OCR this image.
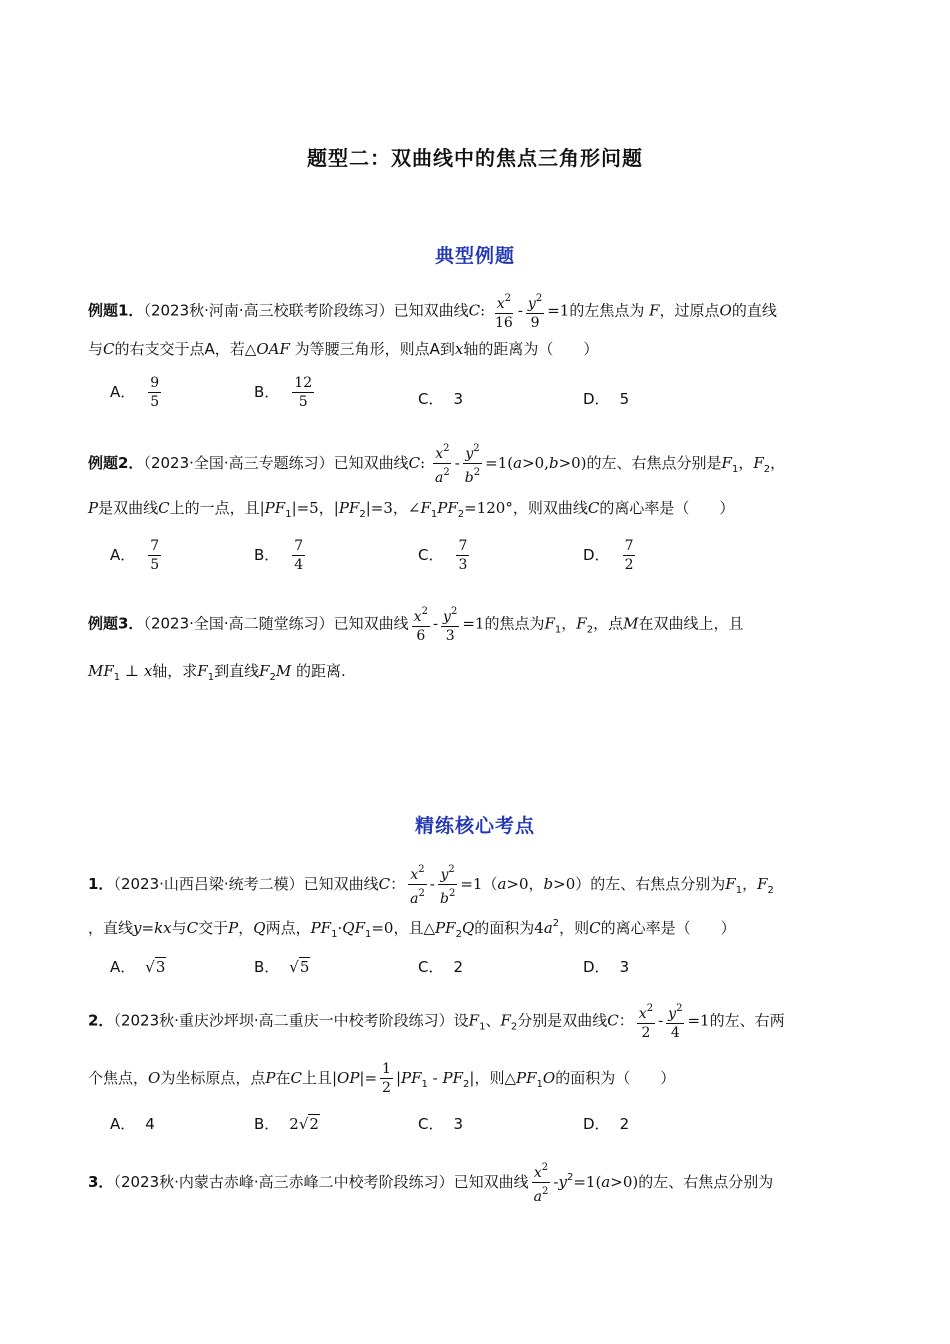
题型二：双曲线中的焦点三角形问题
典型例题
例题1．（2023秋·河南·高三校联考阶段练习）已知双曲线C: $\frac{x^2}{16} - \frac{y^2}{9} =1$的左焦点为 F，过原点O的直线
与C的右支交于点A，若△OAF 为等腰三角形，则点A到x轴的距离为（　　）
A． $\frac{9}{5}$	B． $\frac{12}{5}$	C． 3	D． 5
例题2．（2023·全国·高三专题练习）已知双曲线C: $\frac{x^2}{a^2} - \frac{y^2}{b^2} =1(a>0,b>0)$的左、右焦点分别是$F_1$，$F_2$，
P是双曲线C上的一点，且$|PF_1|=5$，$|PF_2|=3$，$\angle F_1PF_2=120^\circ$，则双曲线C的离心率是（　　）
A． $\frac{7}{5}$	B． $\frac{7}{4}$	C． $\frac{7}{3}$	D． $\frac{7}{2}$
例题3．（2023·全国·高二随堂练习）已知双曲线 $\frac{x^2}{6} - \frac{y^2}{3} =1$的焦点为$F_1$，$F_2$，点M在双曲线上，且
$MF_1$ ⊥ x轴，求$F_1$到直线$F_2M$ 的距离.
精练核心考点
1．（2023·山西吕梁·统考二模）已知双曲线C： $\frac{x^2}{a^2} - \frac{y^2}{b^2} =1(a>0$，b>0）的左、右焦点分别为$F_1$，$F_2$
，直线y=kx与C交于P，Q两点，$PF_1\cdot QF_1=0$，且$\triangle PF_2Q$的面积为$4a^2$，则C的离心率是（　　）
A． √3	B． √5	C． 2	D． 3
2．（2023秋·重庆沙坪坝·高二重庆一中校考阶段练习）设$F_1$、$F_2$分别是双曲线C： $\frac{x^2}{2} - \frac{y^2}{4} =1$的左、右两
个焦点，O为坐标原点，点P在C上且$|OP|= \frac{1}{2} |PF_1 - PF_2|$，则$\triangle PF_1O$的面积为（　　）
A． 4	B． 2√2	C． 3	D． 2
3．（2023秋·内蒙古赤峰·高三赤峰二中校考阶段练习）已知双曲线 $\frac{x^2}{a^2} -y^2=1(a>0)$的左、右焦点分别为
